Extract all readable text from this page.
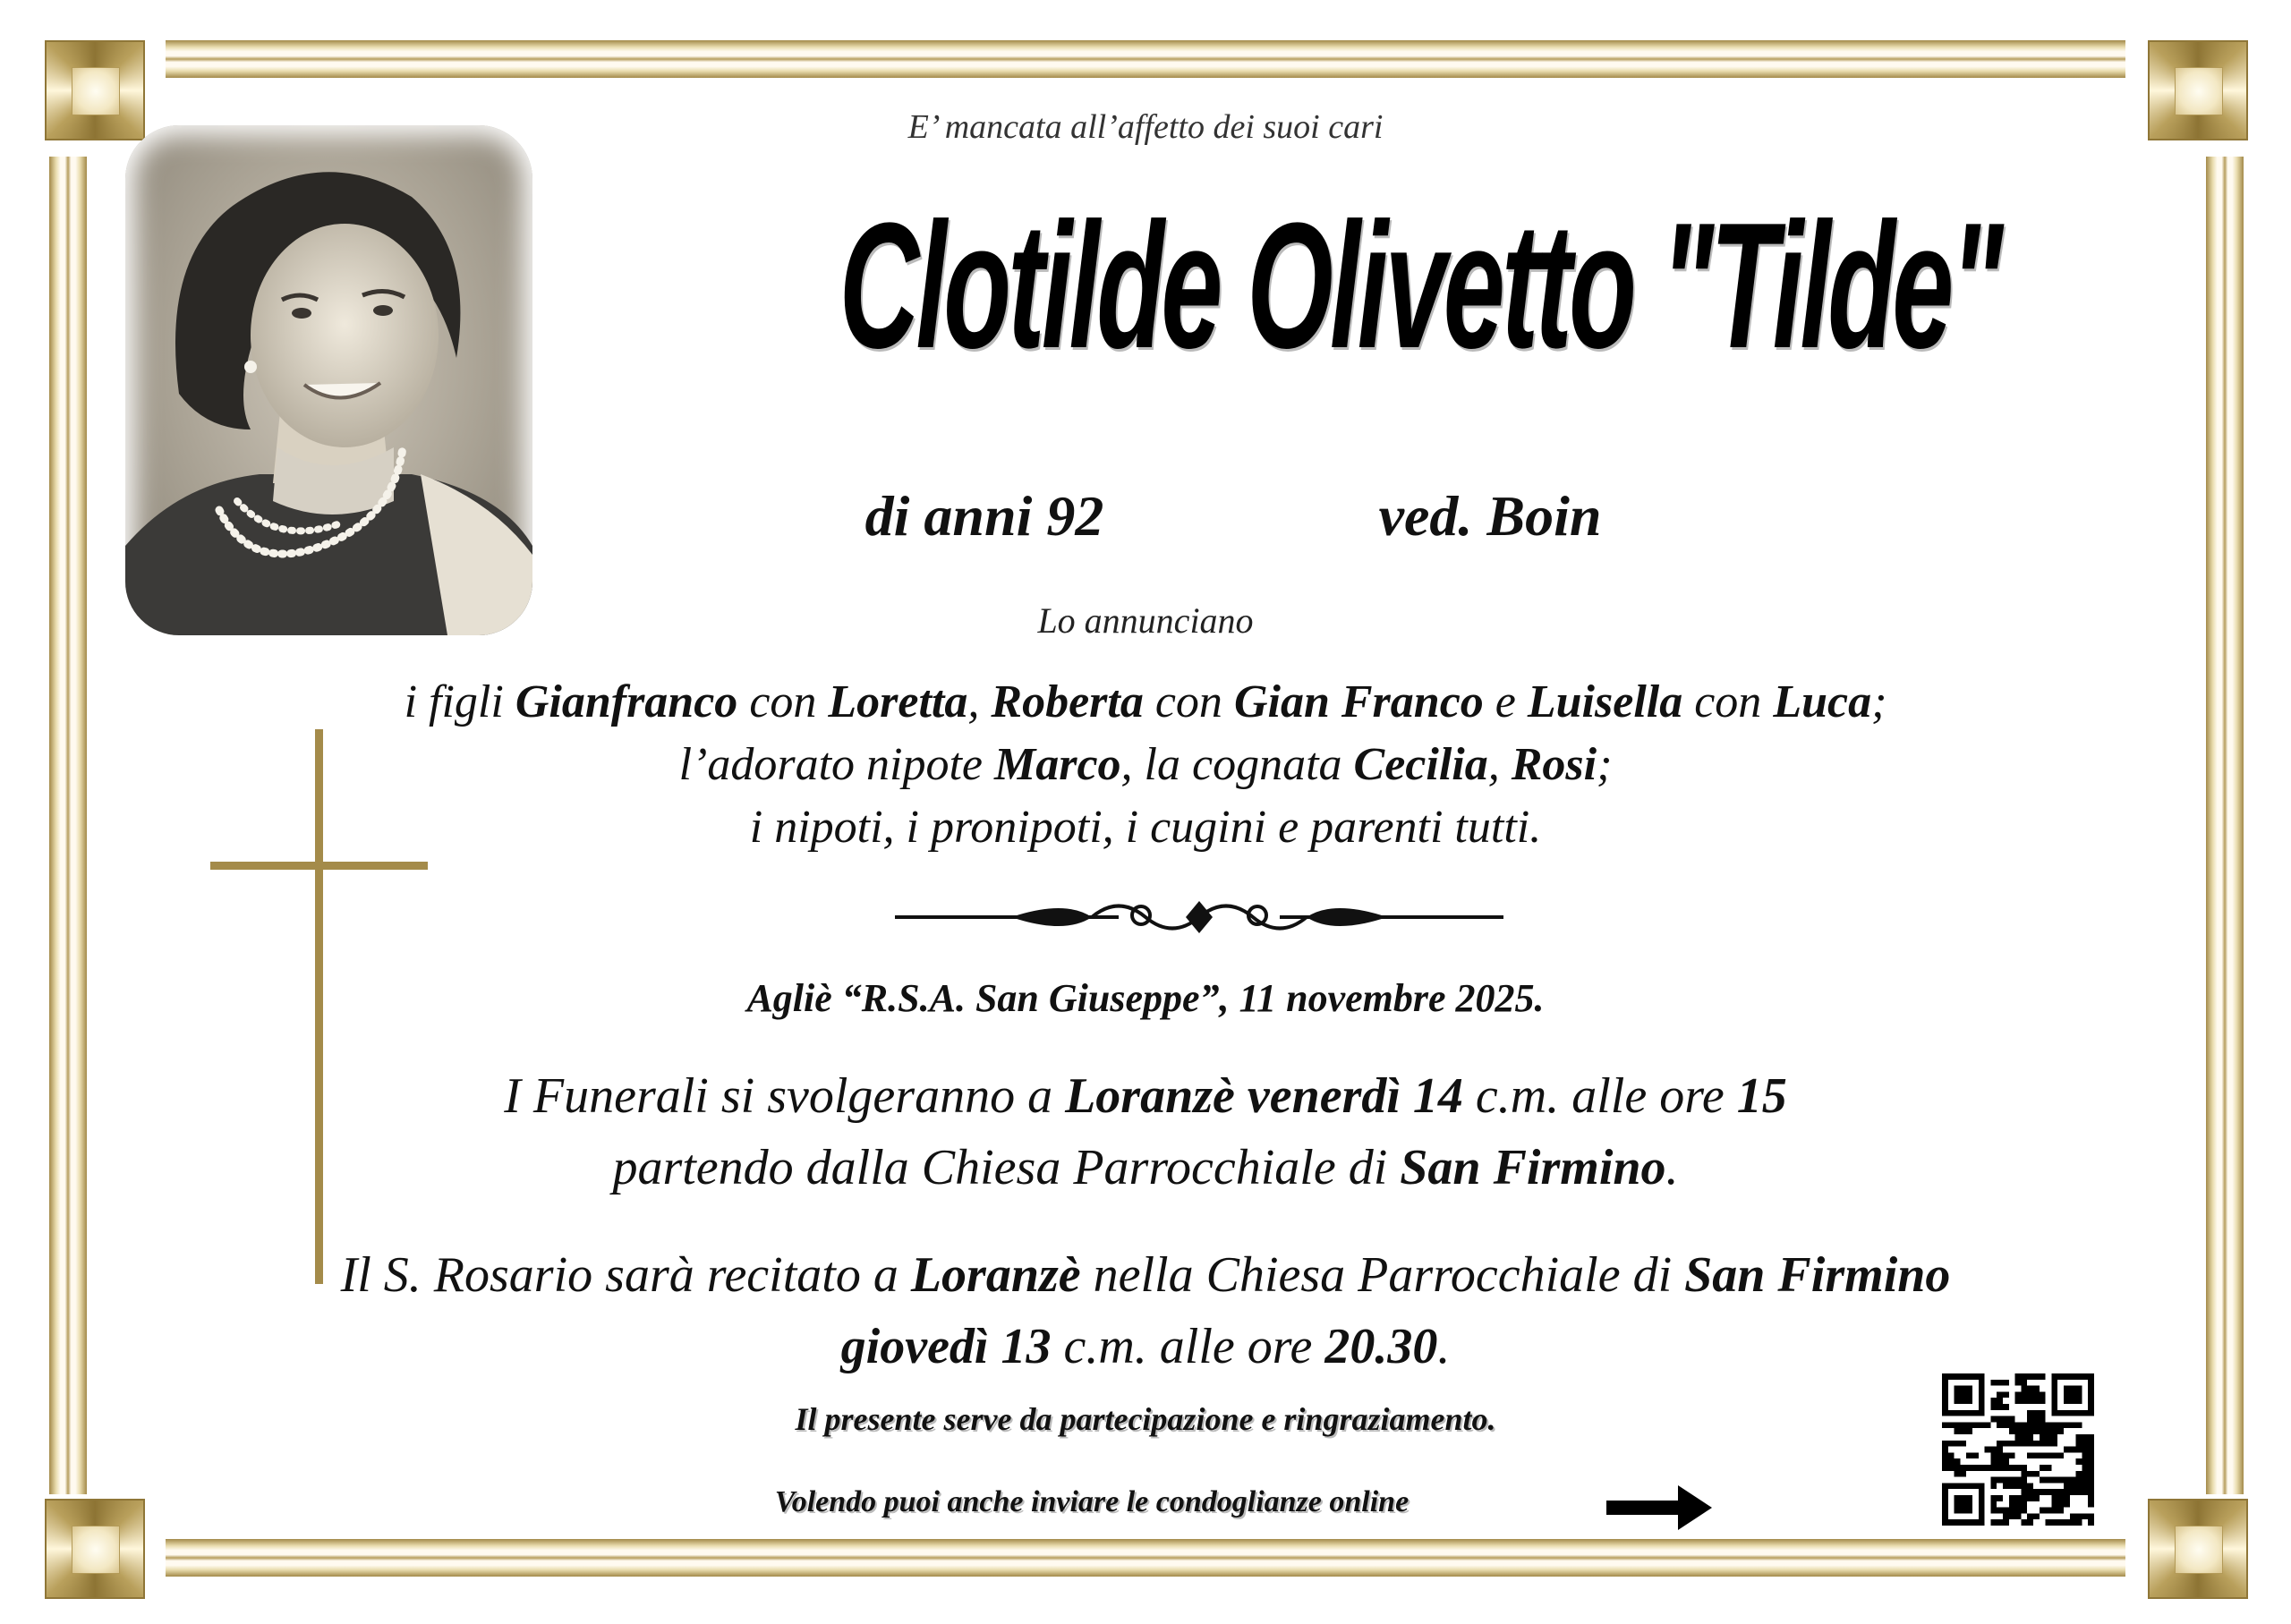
E’ mancata all’affetto dei suoi cari
Clotilde Olivetto "Tilde"
di anni 92	ved. Boin
Lo annunciano
i figli Gianfranco con Loretta, Roberta con Gian Franco e Luisella con Luca;
l’adorato nipote Marco, la cognata Cecilia, Rosi;
i nipoti, i pronipoti, i cugini e parenti tutti.
Agliè “R.S.A. San Giuseppe”, 11 novembre 2025.
I Funerali si svolgeranno a Loranzè venerdì 14 c.m. alle ore 15
partendo dalla Chiesa Parrocchiale di San Firmino.
Il S. Rosario sarà recitato a Loranzè nella Chiesa Parrocchiale di San Firmino
giovedì 13 c.m. alle ore 20.30.
Il presente serve da partecipazione e ringraziamento.
Volendo puoi anche inviare le condoglianze online
